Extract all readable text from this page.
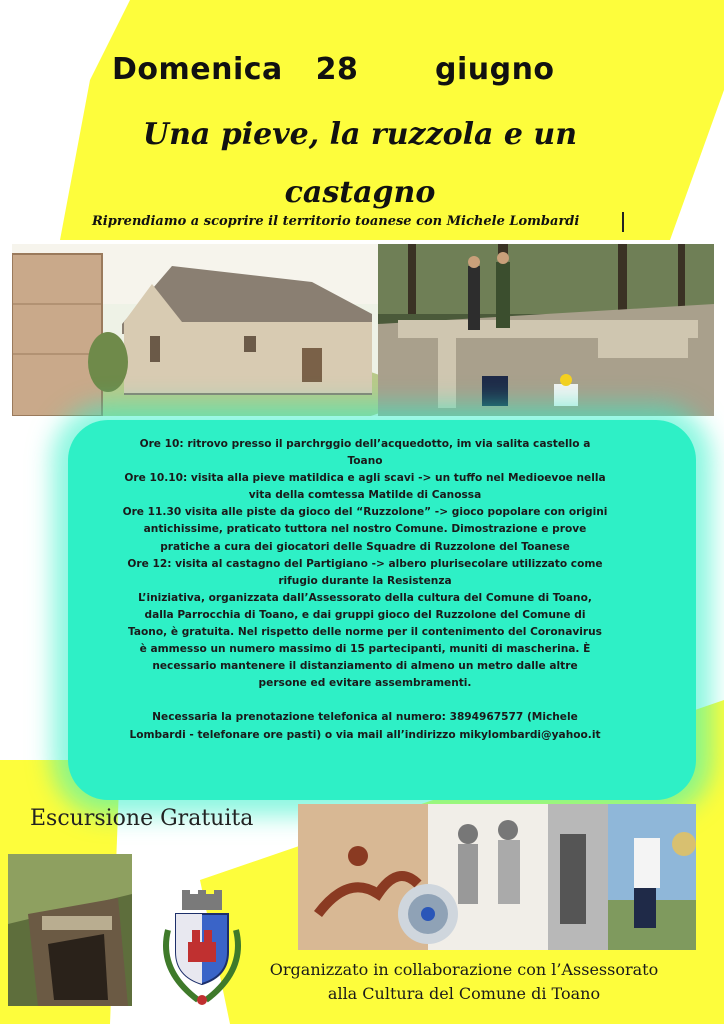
Domenica   28       giugno
Una pieve, la ruzzola e un castagno
Riprendiamo a scoprire il territorio toanese con Michele Lombardi

Ore 10: ritrovo presso il parchrggio dell’acquedotto, im via salita castello a

Toano

Ore 10.10: visita alla pieve matildica e agli scavi -> un tuffo nel Medioevoe nella

vita della comtessa Matilde di Canossa

Ore 11.30 visita alle piste da gioco del “Ruzzolone” -> gioco popolare con origini

antichissime, praticato tuttora nel nostro Comune. Dimostrazione e prove

pratiche a cura dei giocatori delle Squadre di Ruzzolone del Toanese

Ore 12: visita al castagno del Partigiano -> albero plurisecolare utilizzato come

rifugio durante la Resistenza

L’iniziativa, organizzata dall’Assessorato della cultura del Comune di Toano,

dalla Parrocchia di Toano, e dai gruppi gioco del Ruzzolone del Comune di

Taono, è gratuita. Nel rispetto delle norme per il contenimento del Coronavirus

è ammesso un numero massimo di 15 partecipanti, muniti di mascherina. È

necessario mantenere il distanziamento di almeno un metro dalle altre

persone ed evitare assembramenti.

Necessaria la prenotazione telefonica al numero: 3894967577 (Michele

Lombardi - telefonare ore pasti) o via mail all’indirizzo mikylombardi@yahoo.it

Escursione Gratuita
Organizzato in collaborazione con l’Assessorato
alla Cultura del Comune di Toano
